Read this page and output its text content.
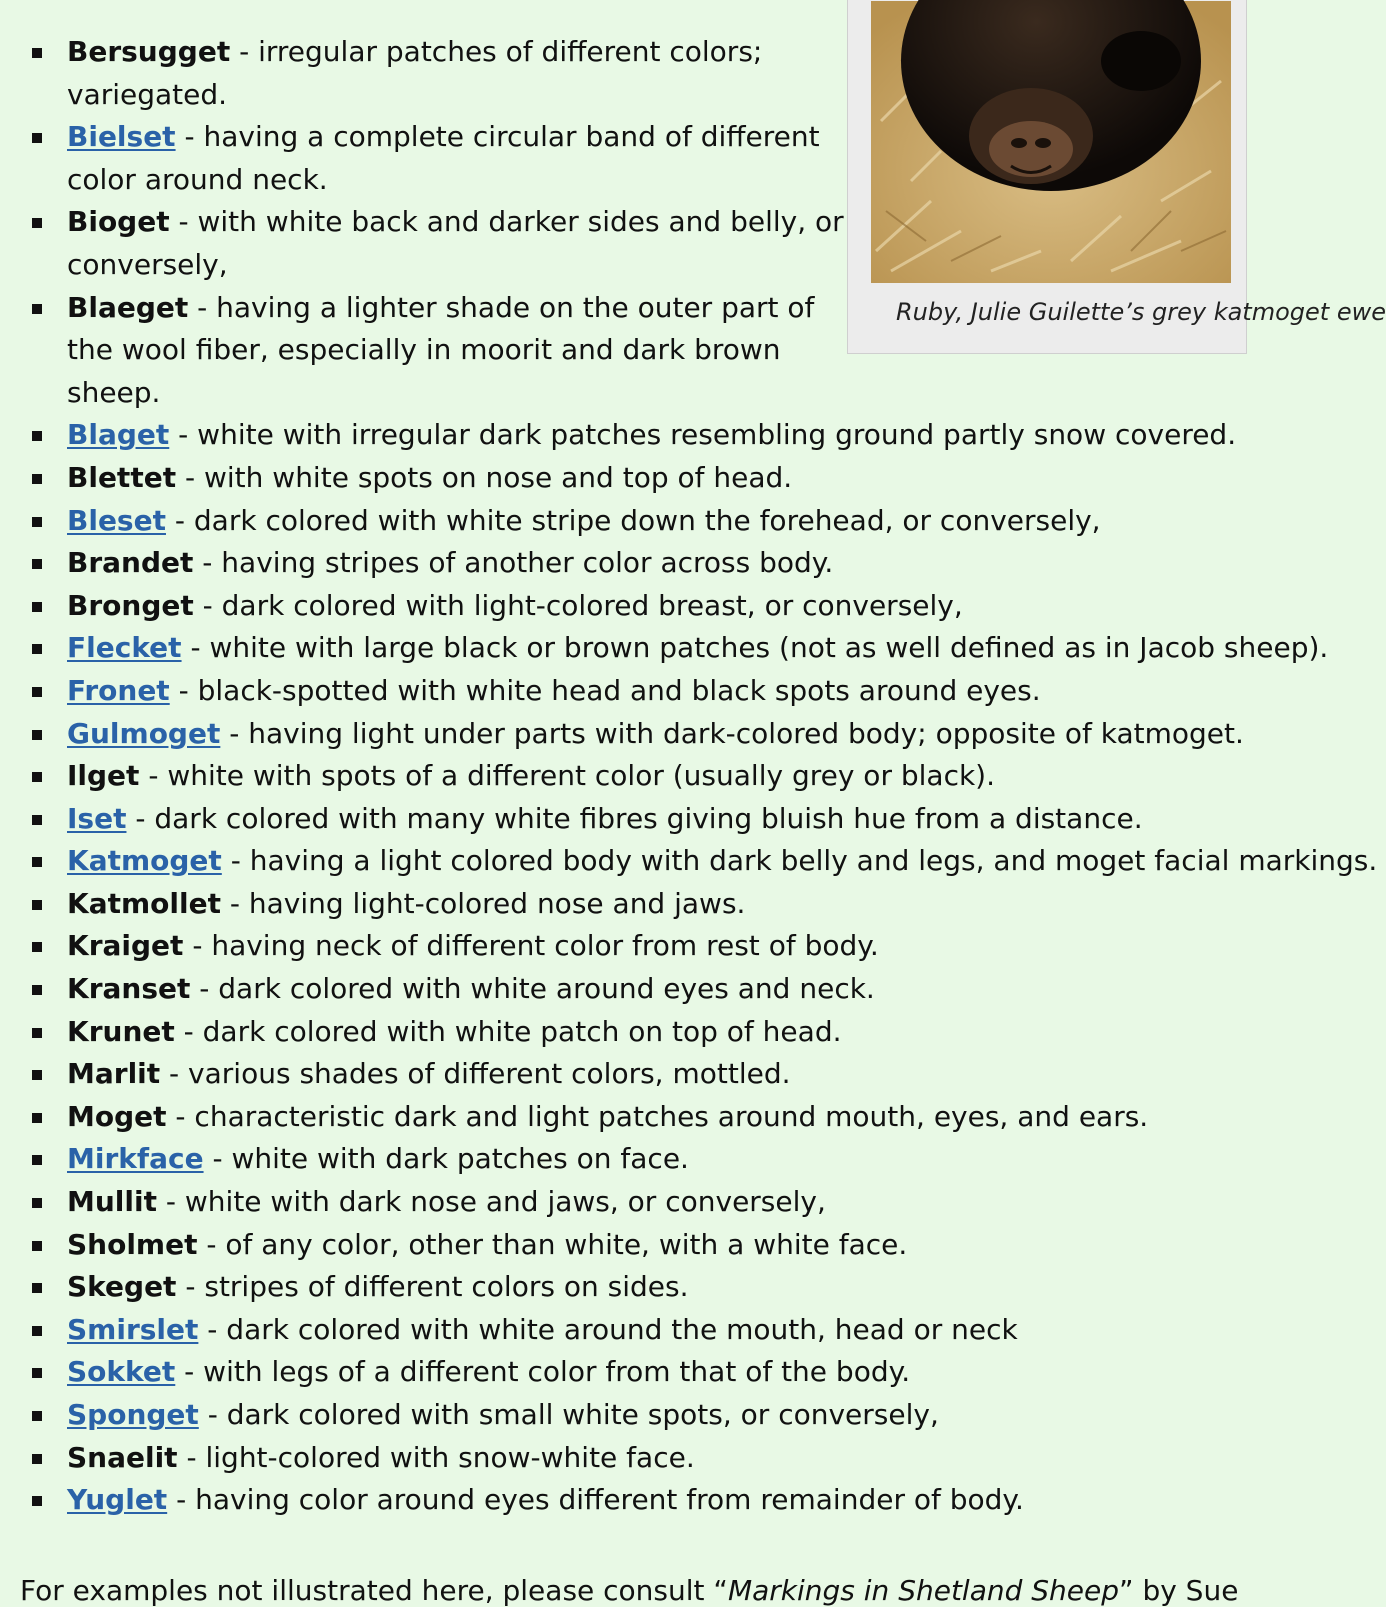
Ruby, Julie Guilette’s grey katmoget ewe
Bersugget - irregular patches of different colors; variegated.
Bielset - having a complete circular band of different color around neck.
Bioget - with white back and darker sides and belly, or conversely,
Blaeget - having a lighter shade on the outer part of the wool fiber, especially in moorit and dark brown sheep.
Blaget - white with irregular dark patches resembling ground partly snow covered.
Blettet - with white spots on nose and top of head.
Bleset - dark colored with white stripe down the forehead, or conversely,
Brandet - having stripes of another color across body.
Bronget - dark colored with light-colored breast, or conversely,
Flecket - white with large black or brown patches (not as well defined as in Jacob sheep).
Fronet - black-spotted with white head and black spots around eyes.
Gulmoget - having light under parts with dark-colored body; opposite of katmoget.
Ilget - white with spots of a different color (usually grey or black).
Iset - dark colored with many white fibres giving bluish hue from a distance.
Katmoget - having a light colored body with dark belly and legs, and moget facial markings.
Katmollet - having light-colored nose and jaws.
Kraiget - having neck of different color from rest of body.
Kranset - dark colored with white around eyes and neck.
Krunet - dark colored with white patch on top of head.
Marlit - various shades of different colors, mottled.
Moget - characteristic dark and light patches around mouth, eyes, and ears.
Mirkface - white with dark patches on face.
Mullit - white with dark nose and jaws, or conversely,
Sholmet - of any color, other than white, with a white face.
Skeget - stripes of different colors on sides.
Smirslet - dark colored with white around the mouth, head or neck
Sokket - with legs of a different color from that of the body.
Sponget - dark colored with small white spots, or conversely,
Snaelit - light-colored with snow-white face.
Yuglet - having color around eyes different from remainder of body.
For examples not illustrated here, please consult “Markings in Shetland Sheep” by Sue
